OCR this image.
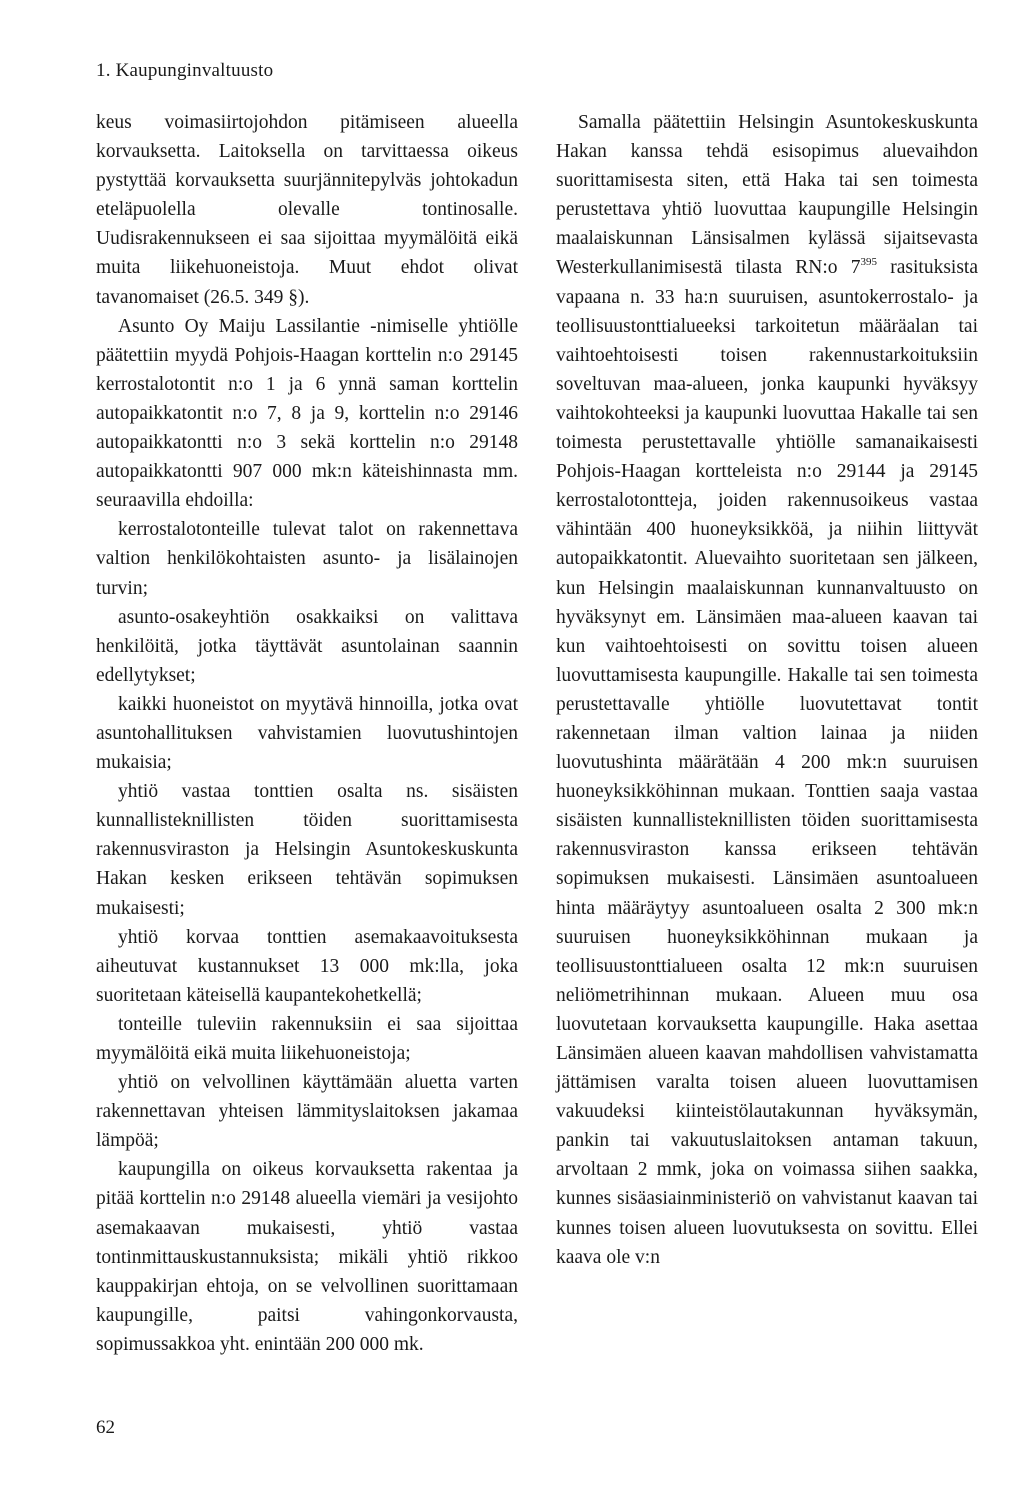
1. Kaupunginvaltuusto

keus voimasiirtojohdon pitämiseen alueella korvauksetta. Laitoksella on tarvittaessa oikeus pystyttää korvauksetta suurjännitepylväs johtokadun eteläpuolella olevalle tontinosalle. Uudisrakennukseen ei saa sijoittaa myymälöitä eikä muita liikehuoneistoja. Muut ehdot olivat tavanomaiset (26.5. 349 §).

Asunto Oy Maiju Lassilantie -nimiselle yhtiölle päätettiin myydä Pohjois-Haagan korttelin n:o 29145 kerrostalotontit n:o 1 ja 6 ynnä saman korttelin autopaikkatontit n:o 7, 8 ja 9, korttelin n:o 29146 autopaikkatontti n:o 3 sekä korttelin n:o 29148 autopaikkatontti 907 000 mk:n käteishinnasta mm. seuraavilla ehdoilla:

kerrostalotonteille tulevat talot on rakennettava valtion henkilökohtaisten asunto- ja lisälainojen turvin;

asunto-osakeyhtiön osakkaiksi on valittava henkilöitä, jotka täyttävät asuntolainan saannin edellytykset;

kaikki huoneistot on myytävä hinnoilla, jotka ovat asuntohallituksen vahvistamien luovutushintojen mukaisia;

yhtiö vastaa tonttien osalta ns. sisäisten kunnallisteknillisten töiden suorittamisesta rakennusviraston ja Helsingin Asuntokeskuskunta Hakan kesken erikseen tehtävän sopimuksen mukaisesti;

yhtiö korvaa tonttien asemakaavoituksesta aiheutuvat kustannukset 13 000 mk:lla, joka suoritetaan käteisellä kaupantekohetkellä;

tonteille tuleviin rakennuksiin ei saa sijoittaa myymälöitä eikä muita liikehuoneistoja;

yhtiö on velvollinen käyttämään aluetta varten rakennettavan yhteisen lämmityslaitoksen jakamaa lämpöä;

kaupungilla on oikeus korvauksetta rakentaa ja pitää korttelin n:o 29148 alueella viemäri ja vesijohto asemakaavan mukaisesti, yhtiö vastaa tontinmittauskustannuksista; mikäli yhtiö rikkoo kauppakirjan ehtoja, on se velvollinen suorittamaan kaupungille, paitsi vahingonkorvausta, sopimussakkoa yht. enintään 200 000 mk.

Samalla päätettiin Helsingin Asuntokeskuskunta Hakan kanssa tehdä esisopimus aluevaihdon suorittamisesta siten, että Haka tai sen toimesta perustettava yhtiö luovuttaa kaupungille Helsingin maalaiskunnan Länsisalmen kylässä sijaitsevasta Westerkullanimisestä tilasta RN:o $7^{395}$ rasituksista vapaana n. 33 ha:n suuruisen, asuntokerrostalo- ja teollisuustonttialueeksi tarkoitetun määräalan tai vaihtoehtoisesti toisen rakennustarkoituksiin soveltuvan maa-alueen, jonka kaupunki hyväksyy vaihtokohteeksi ja kaupunki luovuttaa Hakalle tai sen toimesta perustettavalle yhtiölle samanaikaisesti Pohjois-Haagan kortteleista n:o 29144 ja 29145 kerrostalotontteja, joiden rakennusoikeus vastaa vähintään 400 huoneyksikköä, ja niihin liittyvät autopaikkatontit. Aluevaihto suoritetaan sen jälkeen, kun Helsingin maalaiskunnan kunnanvaltuusto on hyväksynyt em. Länsimäen maa-alueen kaavan tai kun vaihtoehtoisesti on sovittu toisen alueen luovuttamisesta kaupungille. Hakalle tai sen toimesta perustettavalle yhtiölle luovutettavat tontit rakennetaan ilman valtion lainaa ja niiden luovutushinta määrätään 4 200 mk:n suuruisen huoneyksikköhinnan mukaan. Tonttien saaja vastaa sisäisten kunnallisteknillisten töiden suorittamisesta rakennusviraston kanssa erikseen tehtävän sopimuksen mukaisesti. Länsimäen asuntoalueen hinta määräytyy asuntoalueen osalta 2 300 mk:n suuruisen huoneyksikköhinnan mukaan ja teollisuustonttialueen osalta 12 mk:n suuruisen neliömetrihinnan mukaan. Alueen muu osa luovutetaan korvauksetta kaupungille. Haka asettaa Länsimäen alueen kaavan mahdollisen vahvistamatta jättämisen varalta toisen alueen luovuttamisen vakuudeksi kiinteistölautakunnan hyväksymän, pankin tai vakuutuslaitoksen antaman takuun, arvoltaan 2 mmk, joka on voimassa siihen saakka, kunnes sisäasiainministeriö on vahvistanut kaavan tai kunnes toisen alueen luovutuksesta on sovittu. Ellei kaava ole v:n

62
